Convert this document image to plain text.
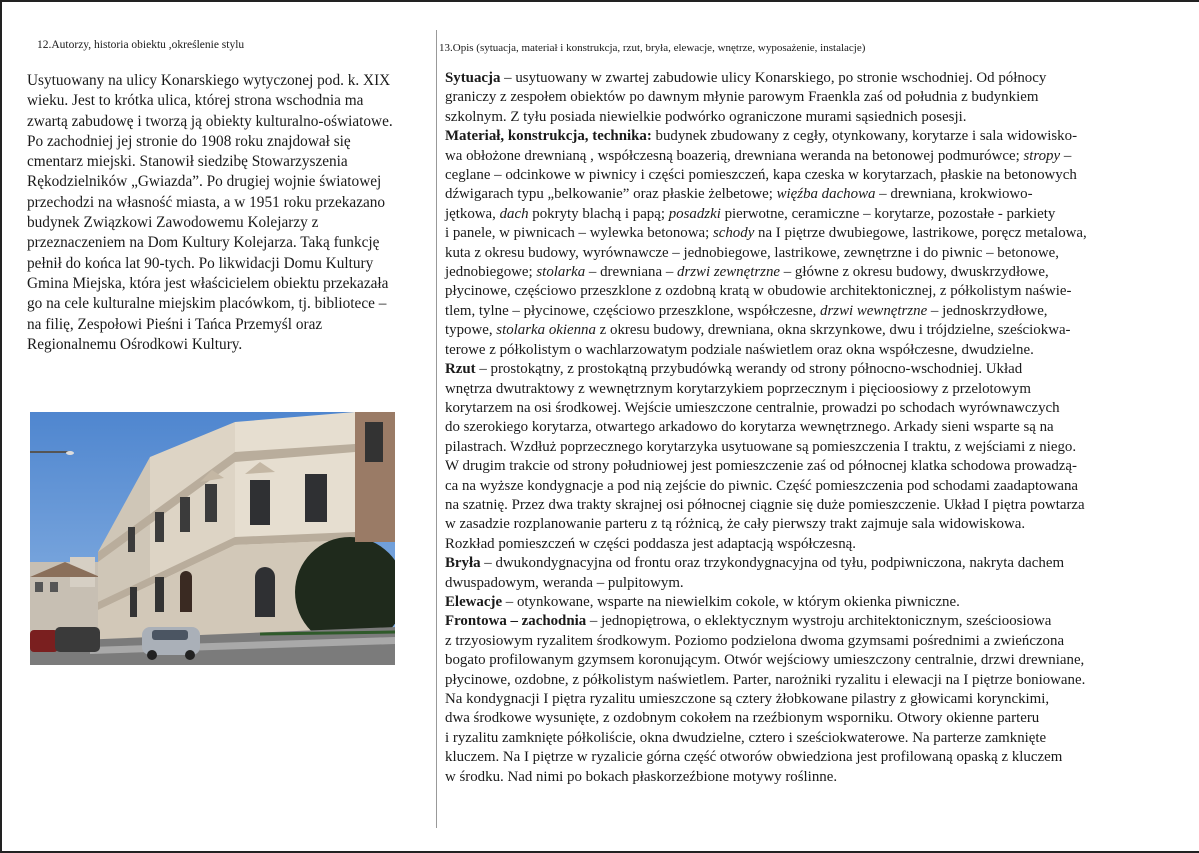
12.Autorzy, historia obiektu ,określenie stylu	13.Opis (sytuacja, materiał i konstrukcja, rzut, bryła, elewacje, wnętrze, wyposażenie, instalacje)
Usytuowany na ulicy Konarskiego wytyczonej pod. k. XIX
wieku. Jest to krótka ulica, której strona wschodnia ma
zwartą zabudowę i tworzą ją obiekty kulturalno-oświatowe.
Po zachodniej jej stronie do 1908 roku znajdował się
cmentarz miejski. Stanowił siedzibę Stowarzyszenia
Rękodzielników „Gwiazda”. Po drugiej wojnie światowej
przechodzi na własność miasta, a w 1951 roku przekazano
budynek Związkowi Zawodowemu Kolejarzy z
przeznaczeniem na Dom Kultury Kolejarza. Taką funkcję
pełnił do końca lat 90-tych. Po likwidacji Domu Kultury
Gmina Miejska, która jest właścicielem obiektu przekazała
go na cele kulturalne miejskim placówkom, tj. bibliotece –
na filię, Zespołowi Pieśni i Tańca Przemyśl oraz
Regionalnemu Ośrodkowi Kultury.
Sytuacja – usytuowany w zwartej zabudowie ulicy Konarskiego, po stronie wschodniej. Od północy
graniczy z zespołem obiektów po dawnym młynie parowym Fraenkla zaś od południa z budynkiem
szkolnym. Z tyłu posiada niewielkie podwórko ograniczone murami sąsiednich posesji.
Materiał, konstrukcja, technika: budynek zbudowany z cegły, otynkowany, korytarze i sala widowisko-
wa obłożone drewnianą , współczesną boazerią, drewniana weranda na betonowej podmurówce; stropy –
ceglane – odcinkowe w piwnicy i części pomieszczeń, kapa czeska w korytarzach, płaskie na betonowych
dźwigarach typu „belkowanie” oraz płaskie żelbetowe; więźba dachowa – drewniana, krokwiowo-
jętkowa, dach pokryty blachą i papą; posadzki pierwotne, ceramiczne – korytarze, pozostałe - parkiety
i panele, w piwnicach – wylewka betonowa; schody na I piętrze dwubiegowe, lastrikowe, poręcz metalowa,
kuta z okresu budowy, wyrównawcze – jednobiegowe, lastrikowe, zewnętrzne i do piwnic – betonowe,
jednobiegowe; stolarka – drewniana – drzwi zewnętrzne – główne z okresu budowy, dwuskrzydłowe,
płycinowe, częściowo przeszklone z ozdobną kratą w obudowie architektonicznej, z półkolistym naświe-
tlem, tylne – płycinowe, częściowo przeszklone, współczesne, drzwi wewnętrzne – jednoskrzydłowe,
typowe, stolarka okienna z okresu budowy, drewniana, okna skrzynkowe, dwu i trójdzielne, sześciokwa-
terowe z półkolistym o wachlarzowatym podziale naświetlem oraz okna współczesne, dwudzielne.
Rzut – prostokątny, z prostokątną przybudówką werandy od strony północno-wschodniej. Układ
wnętrza dwutraktowy z wewnętrznym korytarzykiem poprzecznym i pięcioosiowy z przelotowym
korytarzem na osi środkowej. Wejście umieszczone centralnie, prowadzi po schodach wyrównawczych
do szerokiego korytarza, otwartego arkadowo do korytarza wewnętrznego. Arkady sieni wsparte są na
pilastrach. Wzdłuż poprzecznego korytarzyka usytuowane są pomieszczenia I traktu, z wejściami z niego.
W drugim trakcie od strony południowej jest pomieszczenie zaś od północnej klatka schodowa prowadzą-
ca na wyższe kondygnacje a pod nią zejście do piwnic. Część pomieszczenia pod schodami zaadaptowana
na szatnię. Przez dwa trakty skrajnej osi północnej ciągnie się duże pomieszczenie. Układ I piętra powtarza
w zasadzie rozplanowanie parteru z tą różnicą, że cały pierwszy trakt zajmuje sala widowiskowa.
Rozkład pomieszczeń w części poddasza jest adaptacją współczesną.
Bryła – dwukondygnacyjna od frontu oraz trzykondygnacyjna od tyłu, podpiwniczona, nakryta dachem
dwuspadowym, weranda – pulpitowym.
Elewacje – otynkowane, wsparte na niewielkim cokole, w którym okienka piwniczne.
Frontowa – zachodnia – jednopiętrowa, o eklektycznym wystroju architektonicznym, sześcioosiowa
z trzyosiowym ryzalitem środkowym. Poziomo podzielona dwoma gzymsami pośrednimi a zwieńczona
bogato profilowanym gzymsem koronującym. Otwór wejściowy umieszczony centralnie, drzwi drewniane,
płycinowe, ozdobne, z półkolistym naświetlem. Parter, narożniki ryzalitu i elewacji na I piętrze boniowane.
Na kondygnacji I piętra ryzalitu umieszczone są cztery żłobkowane pilastry z głowicami korynckimi,
dwa środkowe wysunięte, z ozdobnym cokołem na rzeźbionym wsporniku. Otwory okienne parteru
i ryzalitu zamknięte półkoliście, okna dwudzielne, cztero i sześciokwaterowe. Na parterze zamknięte
kluczem. Na I piętrze w ryzalicie górna część otworów obwiedziona jest profilowaną opaską z kluczem
w środku. Nad nimi po bokach płaskorzeźbione motywy roślinne.
